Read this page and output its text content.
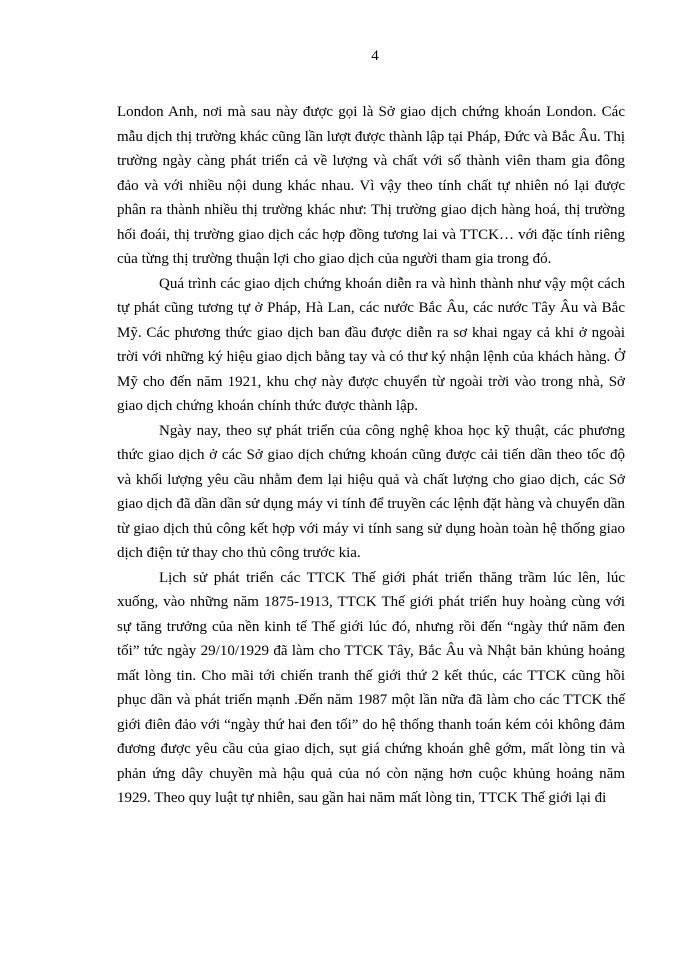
4

London Anh, nơi mà sau này được gọi là Sở giao dịch chứng khoán London. Các mẫu dịch thị trường khác cũng lần lượt được thành lập tại Pháp, Đức và Bắc Âu. Thị trường ngày càng phát triển cả về lượng và chất với số thành viên tham gia đông đảo và với nhiều nội dung khác nhau. Vì vậy theo tính chất tự nhiên nó lại được phân ra thành nhiều thị trường khác như: Thị trường giao dịch hàng hoá, thị trường hối đoái, thị trường giao dịch các hợp đồng tương lai và TTCK… với đặc tính riêng của từng thị trường thuận lợi cho giao dịch của người tham gia trong đó.

Quá trình các giao dịch chứng khoán diễn ra và hình thành như vậy một cách tự phát cũng tương tự ở Pháp, Hà Lan, các nước Bắc Âu, các nước Tây Âu và Bắc Mỹ. Các phương thức giao dịch ban đầu được diễn ra sơ khai ngay cả khi ở ngoài trời với những ký hiệu giao dịch bằng tay và có thư ký nhận lệnh của khách hàng. Ở Mỹ cho đến năm 1921, khu chợ này được chuyển từ ngoài trời vào trong nhà, Sở giao dịch chứng khoán chính thức được thành lập.

Ngày nay, theo sự phát triển của công nghệ khoa học kỹ thuật, các phương thức giao dịch ở các Sở giao dịch chứng khoán cũng được cải tiến dần theo tốc độ và khối lượng yêu cầu nhằm đem lại hiệu quả và chất lượng cho giao dịch, các Sở giao dịch đã dần dần sử dụng máy vi tính để truyền các lệnh đặt hàng và chuyển dần từ giao dịch thủ công kết hợp với máy vi tính sang sử dụng hoàn toàn hệ thống giao dịch điện tử thay cho thủ công trước kia.

Lịch sử phát triển các TTCK Thế giới phát triển thăng trầm lúc lên, lúc xuống, vào những năm 1875-1913, TTCK Thế giới phát triển huy hoàng cùng với sự tăng trưởng của nền kinh tế Thế giới lúc đó, nhưng rồi đến “ngày thứ năm đen tối” tức ngày 29/10/1929 đã làm cho TTCK Tây, Bắc Âu và Nhật bản khủng hoảng mất lòng tin. Cho mãi tới chiến tranh thế giới thứ 2 kết thúc, các TTCK cũng hồi phục dần và phát triển mạnh .Đến năm 1987 một lần nữa đã làm cho các TTCK thế giới điên đảo với “ngày thứ hai đen tối” do hệ thống thanh toán kém cỏi không đảm đương được yêu cầu của giao dịch, sụt giá chứng khoán ghê gớm, mất lòng tin và phản ứng dây chuyền mà hậu quả của nó còn nặng hơn cuộc khủng hoảng năm 1929. Theo quy luật tự nhiên, sau gần hai năm mất lòng tin, TTCK Thế giới lại đi
